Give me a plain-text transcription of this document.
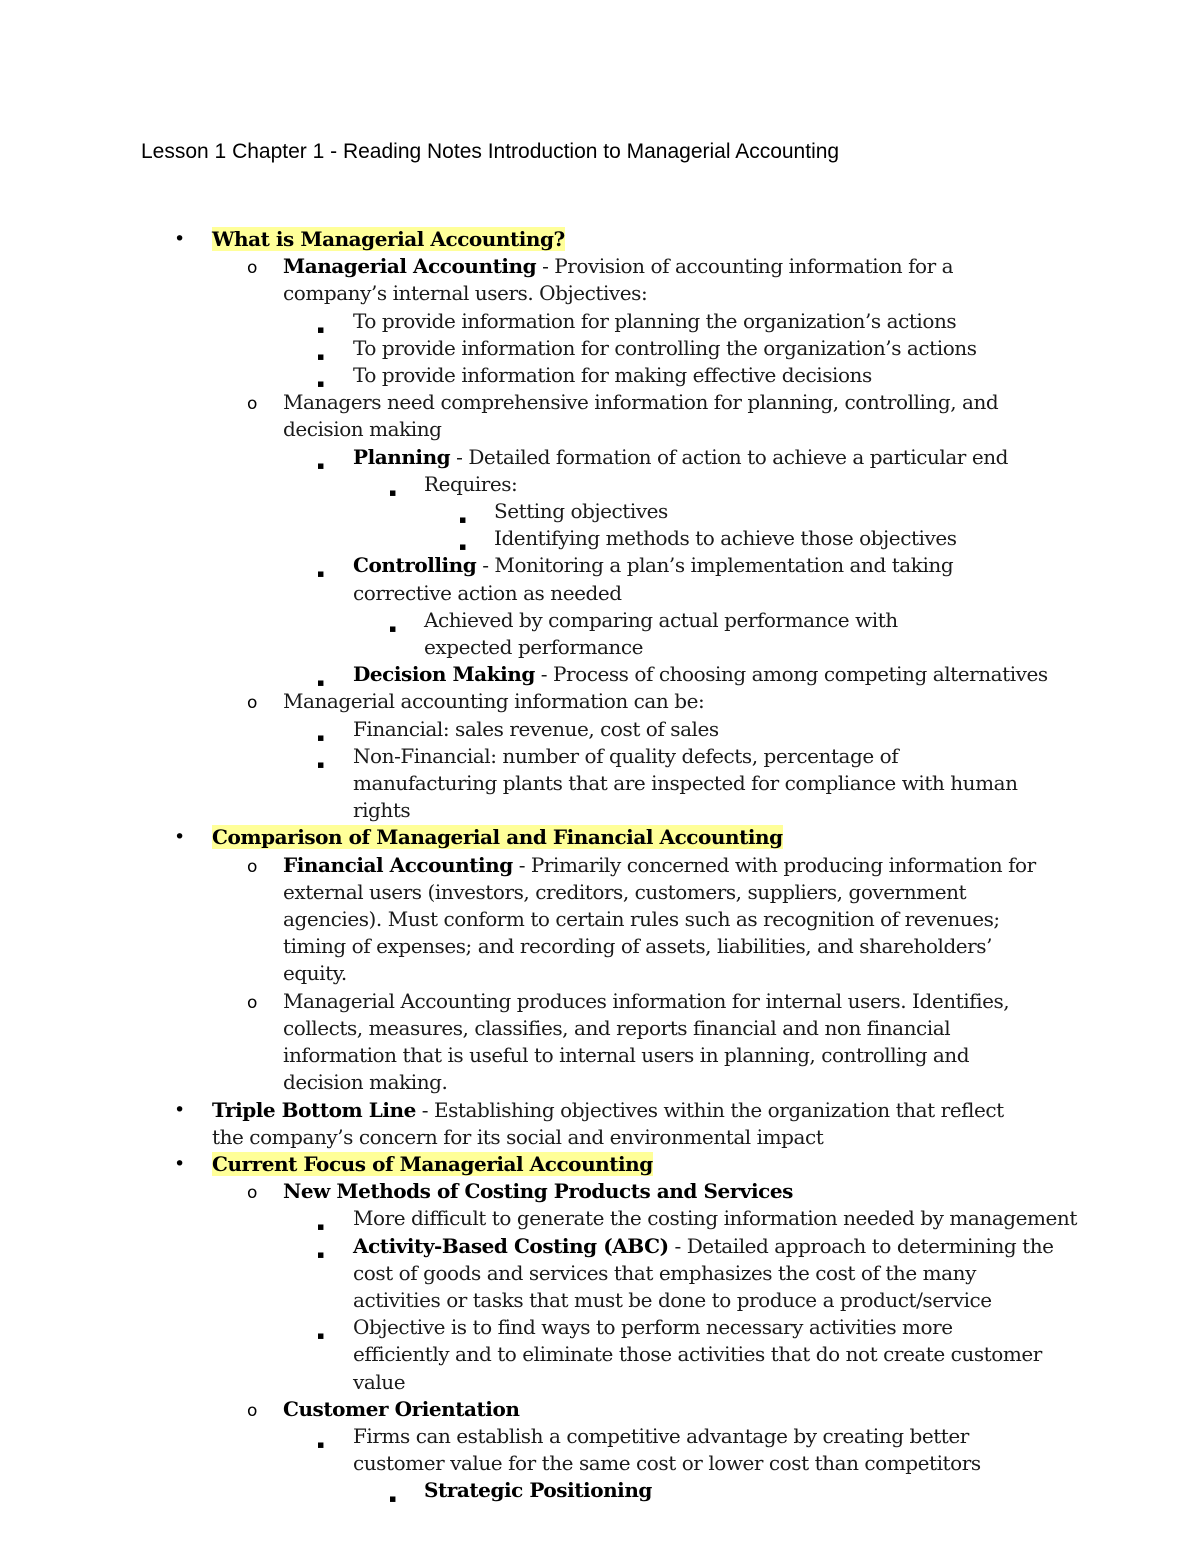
Lesson 1 Chapter 1 - Reading Notes Introduction to Managerial Accounting
• What is Managerial Accounting?
o Managerial Accounting - Provision of accounting information for a company’s internal users. Objectives:
▪ To provide information for planning the organization’s actions
▪ To provide information for controlling the organization’s actions
▪ To provide information for making effective decisions
o Managers need comprehensive information for planning, controlling, and decision making
▪ Planning - Detailed formation of action to achieve a particular end
▪ Requires:
▪ Setting objectives
▪ Identifying methods to achieve those objectives
▪ Controlling - Monitoring a plan’s implementation and taking corrective action as needed
▪ Achieved by comparing actual performance with expected performance
▪ Decision Making - Process of choosing among competing alternatives
o Managerial accounting information can be:
▪ Financial: sales revenue, cost of sales
▪ Non-Financial: number of quality defects, percentage of manufacturing plants that are inspected for compliance with human rights
• Comparison of Managerial and Financial Accounting
o Financial Accounting - Primarily concerned with producing information for external users (investors, creditors, customers, suppliers, government agencies). Must conform to certain rules such as recognition of revenues; timing of expenses; and recording of assets, liabilities, and shareholders’ equity.
o Managerial Accounting produces information for internal users. Identifies, collects, measures, classifies, and reports financial and non financial information that is useful to internal users in planning, controlling and decision making.
• Triple Bottom Line - Establishing objectives within the organization that reflect the company’s concern for its social and environmental impact
• Current Focus of Managerial Accounting
o New Methods of Costing Products and Services
▪ More difficult to generate the costing information needed by management
▪ Activity-Based Costing (ABC) - Detailed approach to determining the cost of goods and services that emphasizes the cost of the many activities or tasks that must be done to produce a product/service
▪ Objective is to find ways to perform necessary activities more efficiently and to eliminate those activities that do not create customer value
o Customer Orientation
▪ Firms can establish a competitive advantage by creating better customer value for the same cost or lower cost than competitors
▪ Strategic Positioning
